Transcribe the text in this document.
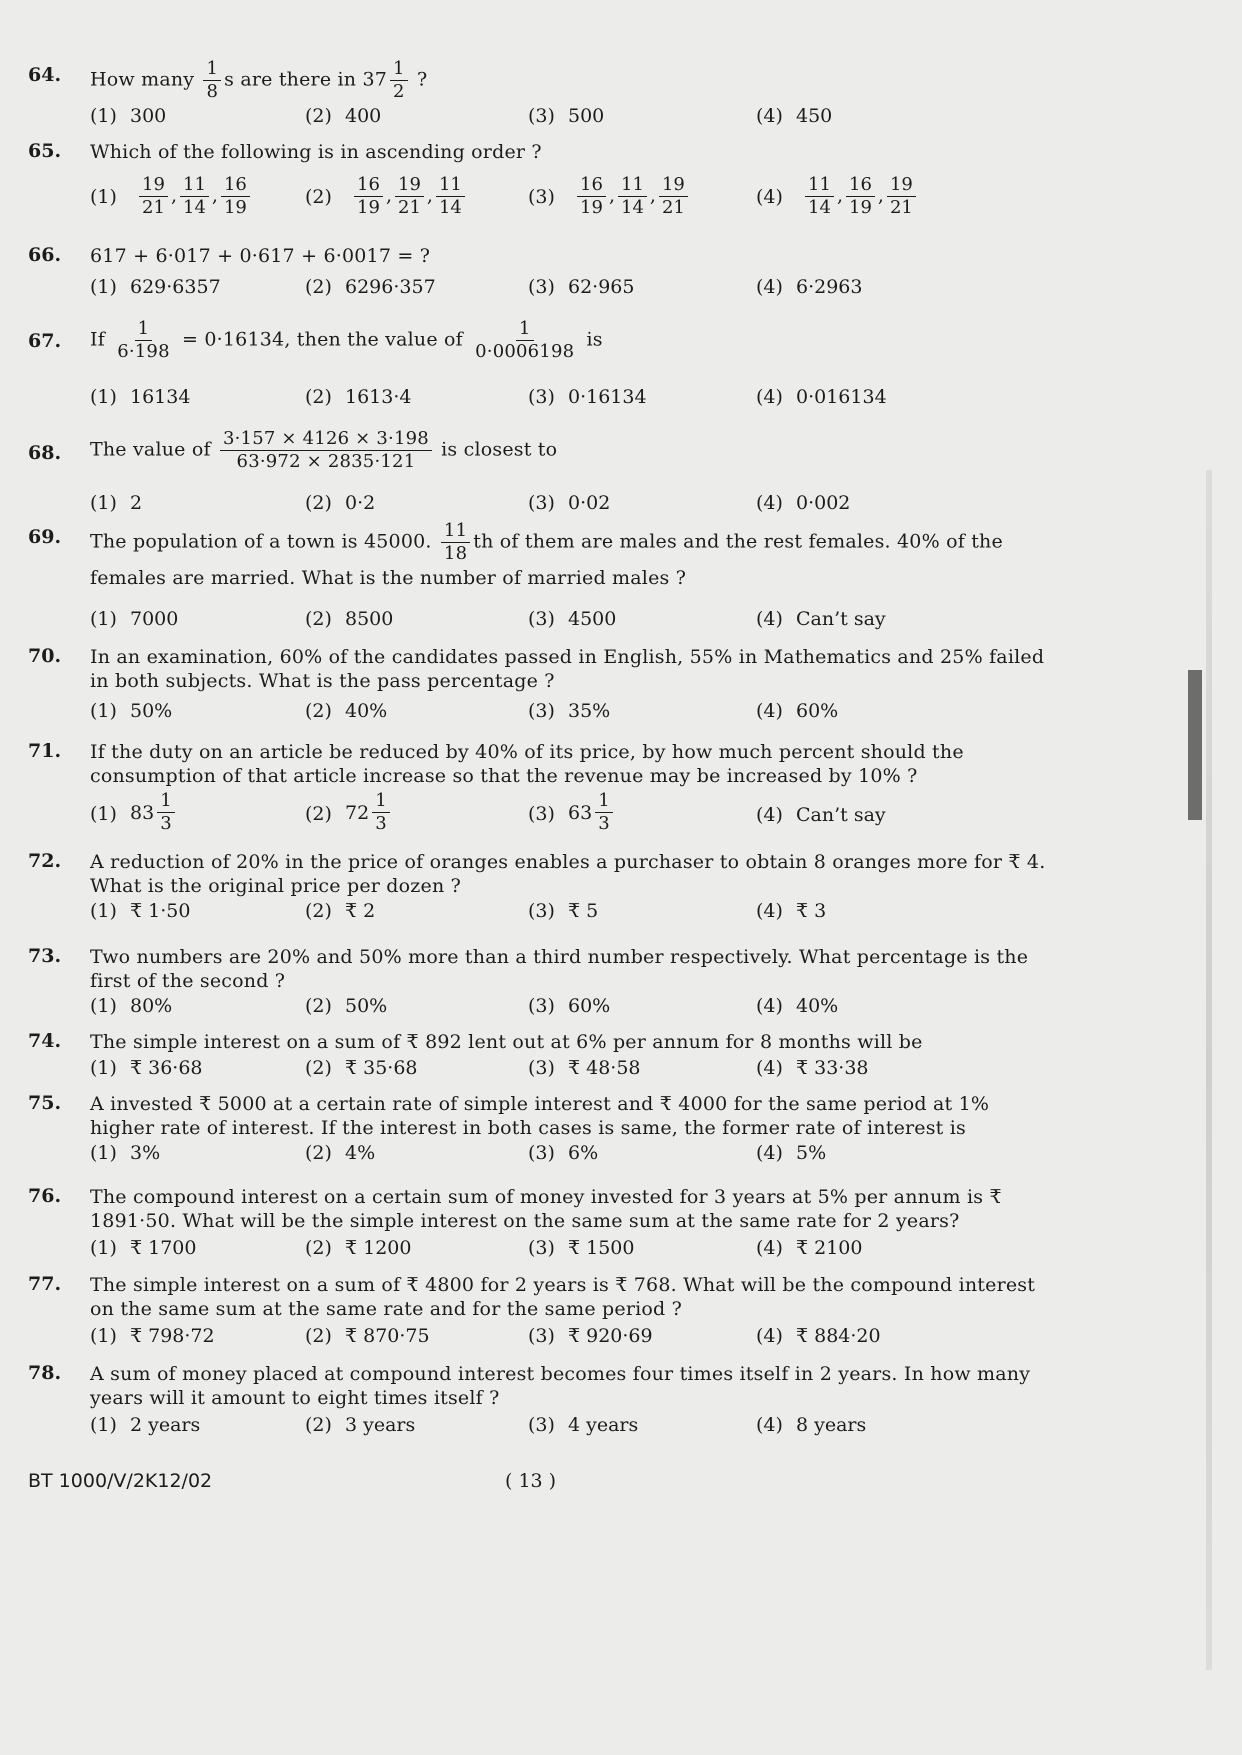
64. How many $\frac{1}{8}$ s are there in $37 \frac{1}{2}$ ?
(1) 300	(2) 400	(3) 500	(4) 450
65. Which of the following is in ascending order ?
$(1) \frac{19}{21}$ , $\frac{11}{14}$ , $\frac{16}{19}$	$(2) \frac{16}{19}$ , $\frac{19}{21}$ , $\frac{11}{14}$	$(3) \frac{16}{19}$ , $\frac{11}{14}$ , $\frac{19}{21}$	$(4) \frac{11}{14}$ , $\frac{16}{19}$ , $\frac{19}{21}$
66. 617 + 6·017 + 0·617 + 6·0017 = ?
(1) 629·6357	(2) 6296·357	(3) 62·965	(4) 6·2963
67. If $\frac{1}{6\cdot 198} = 0\cdot 16134$, then the value of $\frac{1}{0\cdot 0006198}$ is
(1) 16134	(2) 1613·4	(3) 0·16134	(4) 0·016134
68. The value of $\frac{3\cdot 157 \times 4126 \times 3\cdot 198}{63\cdot 972 \times 2835\cdot 121}$ is closest to
(1) 2	(2) 0·2	(3) 0·02	(4) 0·002
69. The population of a town is 45000. $\frac{11}{18}$ th of them are males and the rest females. 40% of the
females are married. What is the number of married males ?
(1) 7000	(2) 8500	(3) 4500	(4) Can’t say
70. In an examination, 60% of the candidates passed in English, 55% in Mathematics and 25% failed in both subjects. What is the pass percentage ?
(1) 50%	(2) 40%	(3) 35%	(4) 60%
71. If the duty on an article be reduced by 40% of its price, by how much percent should the consumption of that article increase so that the revenue may be increased by 10% ?
(1) $83 \frac{1}{3}$	(2) $72 \frac{1}{3}$	(3) $63 \frac{1}{3}$	(4) Can’t say
72. A reduction of 20% in the price of oranges enables a purchaser to obtain 8 oranges more for ₹ 4. What is the original price per dozen ?
(1) ₹ 1·50	(2) ₹ 2	(3) ₹ 5	(4) ₹ 3
73. Two numbers are 20% and 50% more than a third number respectively. What percentage is the first of the second ?
(1) 80%	(2) 50%	(3) 60%	(4) 40%
74. The simple interest on a sum of ₹ 892 lent out at 6% per annum for 8 months will be
(1) ₹ 36·68	(2) ₹ 35·68	(3) ₹ 48·58	(4) ₹ 33·38
75. A invested ₹ 5000 at a certain rate of simple interest and ₹ 4000 for the same period at 1% higher rate of interest. If the interest in both cases is same, the former rate of interest is
(1) 3%	(2) 4%	(3) 6%	(4) 5%
76. The compound interest on a certain sum of money invested for 3 years at 5% per annum is ₹ 1891·50. What will be the simple interest on the same sum at the same rate for 2 years?
(1) ₹ 1700	(2) ₹ 1200	(3) ₹ 1500	(4) ₹ 2100
77. The simple interest on a sum of ₹ 4800 for 2 years is ₹ 768. What will be the compound interest on the same sum at the same rate and for the same period ?
(1) ₹ 798·72	(2) ₹ 870·75	(3) ₹ 920·69	(4) ₹ 884·20
78. A sum of money placed at compound interest becomes four times itself in 2 years. In how many years will it amount to eight times itself ?
(1) 2 years	(2) 3 years	(3) 4 years	(4) 8 years
BT 1000/V/2K12/02	( 13 )
